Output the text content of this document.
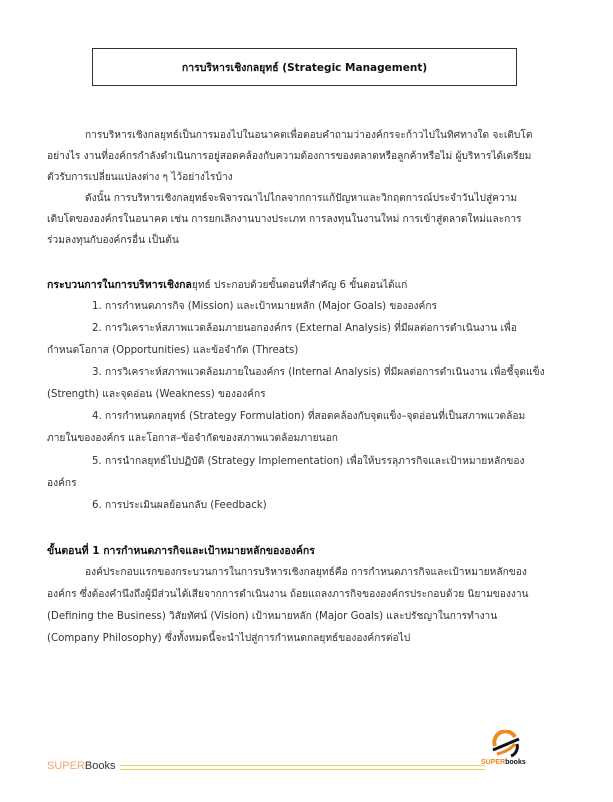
การบริหารเชิงกลยุทธ์ (Strategic Management)
การบริหารเชิงกลยุทธ์เป็นการมองไปในอนาคตเพื่อตอบคำถามว่าองค์กรจะก้าวไปในทิศทางใด จะเติบโต
อย่างไร งานที่องค์กรกำลังดำเนินการอยู่สอดคล้องกับความต้องการของตลาดหรือลูกค้าหรือไม่ ผู้บริหารได้เตรียม
ตัวรับการเปลี่ยนแปลงต่าง ๆ ไว้อย่างไรบ้าง
ดังนั้น การบริหารเชิงกลยุทธ์จะพิจารณาไปไกลจากการแก้ปัญหาและวิกฤตการณ์ประจำวันไปสู่ความ
เติบโตขององค์กรในอนาคต เช่น การยกเลิกงานบางประเภท การลงทุนในงานใหม่ การเข้าสู่ตลาดใหม่และการ
ร่วมลงทุนกับองค์กรอื่น เป็นต้น
กระบวนการในการบริหารเชิงกลยุทธ์ ประกอบด้วยขั้นตอนที่สำคัญ 6 ขั้นตอนได้แก่
1. การกำหนดภารกิจ (Mission) และเป้าหมายหลัก (Major Goals) ขององค์กร
2. การวิเคราะห์สภาพแวดล้อมภายนอกองค์กร (External Analysis) ที่มีผลต่อการดำเนินงาน เพื่อ
กำหนดโอกาส (Opportunities) และข้อจำกัด (Threats)
3. การวิเคราะห์สภาพแวดล้อมภายในองค์กร (Internal Analysis) ที่มีผลต่อการดำเนินงาน เพื่อชี้จุดแข็ง
(Strength) และจุดอ่อน (Weakness) ขององค์กร
4. การกำหนดกลยุทธ์ (Strategy Formulation) ที่สอดคล้องกับจุดแข็ง–จุดอ่อนที่เป็นสภาพแวดล้อม
ภายในขององค์กร และโอกาส–ข้อจำกัดของสภาพแวดล้อมภายนอก
5. การนำกลยุทธ์ไปปฏิบัติ (Strategy Implementation) เพื่อให้บรรลุภารกิจและเป้าหมายหลักของ
องค์กร
6. การประเมินผลย้อนกลับ (Feedback)
ขั้นตอนที่ 1 การกำหนดภารกิจและเป้าหมายหลักขององค์กร
องค์ประกอบแรกของกระบวนการในการบริหารเชิงกลยุทธ์คือ การกำหนดภารกิจและเป้าหมายหลักของ
องค์กร ซึ่งต้องคำนึงถึงผู้มีส่วนได้เสียจากการดำเนินงาน ถ้อยแถลงภารกิจขององค์กรประกอบด้วย นิยามของงาน
(Defining the Business) วิสัยทัศน์ (Vision) เป้าหมายหลัก (Major Goals) และปรัชญาในการทำงาน
(Company Philosophy) ซึ่งทั้งหมดนี้จะนำไปสู่การกำหนดกลยุทธ์ขององค์กรต่อไป
SUPERBooks	SUPERbooks
